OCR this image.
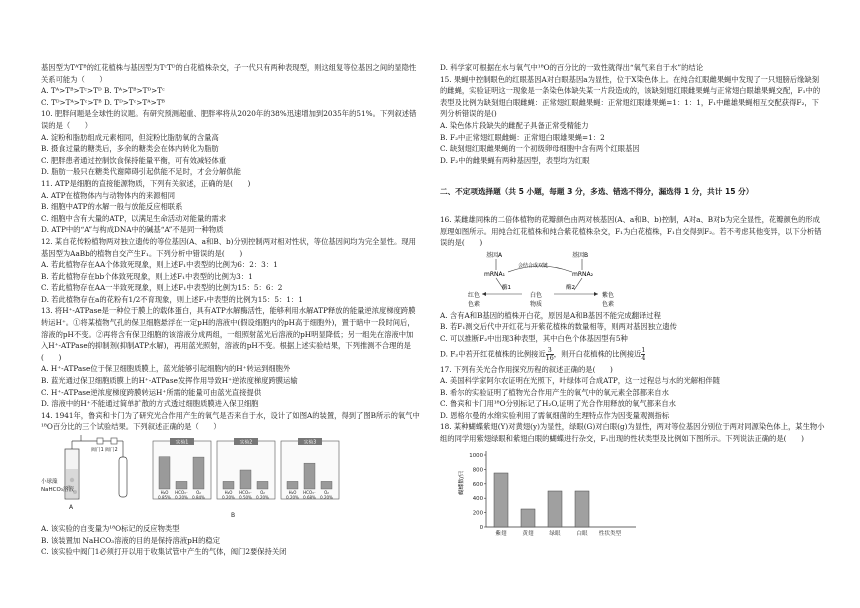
基因型为TᴬTᴮ的红花植株与基因型为TᶜTᴰ的白花植株杂交，子一代只有两种表现型，则这组复等位基因之间的显隐性关系可能为（　　）

A. Tᴬ>Tᴮ>Tᶜ>Tᴰ B. Tᴬ>Tᴮ>Tᴰ>Tᶜ

C. Tᴰ>Tᴬ>Tᶜ>Tᴮ D. Tᴰ>Tᶜ>Tᴬ>Tᴮ

10. 肥胖问题是全球性的议题。有研究预测超重、肥胖率将从2020年的38%迅速增加到2035年的51%。下列叙述错误的是（　　）

A. 淀粉和脂肪组成元素相同，但淀粉比脂肪氧的含量高

B. 摄食过量的糖类后，多余的糖类会在体内转化为脂肪

C. 肥胖患者通过控制饮食保持能量平衡，可有效减轻体重

D. 脂肪一般只在糖类代谢障碍引起供能不足时，才会分解供能

11. ATP是细胞的直接能源物质，下列有关叙述，正确的是(　　)

A. ATP在植物体内与动物体内的来源相同

B. 细胞中ATP的水解一般与放能反应相联系

C. 细胞中含有大量的ATP，以满足生命活动对能量的需求

D. ATP中的“A”与构成DNA中的碱基“A”不是同一种物质

12. 某自花传粉植物两对独立遗传的等位基因(A、a和B、b)分别控制两对相对性状，等位基因间均为完全显性。现用基因型为AaBb的植物自交产生F₁。下列分析中错误的是(　　)

A. 若此植物存在AA个体致死现象，则上述F₁中表型的比例为6：2：3：1

B. 若此植物存在bb个体致死现象，则上述F₁中表型的比例为3：1

C. 若此植物存在AA一半致死现象，则上述F₁中表型的比例为15：5：6：2

D. 若此植物存在a的花粉有1/2不育现象，则上述F₁中表型的比例为15：5：1：1

13. 将H⁺-ATPase是一种位于膜上的载体蛋白，具有ATP水解酶活性，能够利用水解ATP释放的能量逆浓度梯度跨膜转运H⁺。①将某植物气孔的保卫细胞悬浮在一定pH的溶液中(假设细胞内的pH高于细胞外)，置于暗中一段时间后，溶液的pH不变。②再将含有保卫细胞的该溶液分成两组，一组照射蓝光后溶液的pH明显降低；另一组先在溶液中加入H⁺-ATPase的抑制剂(抑制ATP水解)，再用蓝光照射，溶液的pH不变。根据上述实验结果，下列推测不合理的是(　　)

A. H⁺-ATPase位于保卫细胞质膜上，蓝光能够引起细胞内的H⁺转运到细胞外

B. 蓝光通过保卫细胞质膜上的H⁺-ATPase发挥作用导致H⁺逆浓度梯度跨膜运输

C. H⁺-ATPase逆浓度梯度跨膜转运H⁺所需的能量可由蓝光直接提供

D. 溶液中的H⁺不能通过简单扩散的方式透过细胞质膜进入保卫细胞

14. 1941年，鲁宾和卡门为了研究光合作用产生的氧气是否来自于水，设计了如图A的装置，得到了图B所示的氧气中¹⁸O百分比的三个试验结果。下列叙述正确的是（　　）

小球藻
NaHCO₃溶液
阀门1 阀门2
A
实验1
H₂O
0.85%
HCO₃⁻
0.20%
O₂
0.84%
实验2
H₂O
0.20%
HCO₃⁻
0.50%
O₂
0.20%
实验3
H₂O
0.20%
HCO₃⁻
0.68%
O₂
0.20%
B

A. 该实验的自变量为¹⁸O标记的反应物类型

B. 该装置加 NaHCO₃溶液的目的是保持溶液pH的稳定

C. 该实验中阀门1必须打开以用于收集试管中产生的气体，阀门2要保持关闭

D. 科学家可根据在水与氧气中¹⁸O的百分比的一致性就得出“氧气来自于水”的结论

15. 果蝇中控制眼色的红眼基因A对白眼基因a为显性，位于X染色体上。在纯合红眼雌果蝇中发现了一只翅膀后缘缺刻的雌蝇，实验证明这一现象是一条染色体缺失某一片段造成的，该缺刻翅红眼雌果蝇与正常翅白眼雄果蝇交配，F₁中的表型及比例为缺刻翅白眼雌蝇：正常翅红眼雌果蝇：正常翅红眼雄果蝇=1：1：1，F₁中雌雄果蝇相互交配获得F₂，下列分析错误的是()

A. 染色体片段缺失的雌配子具备正常受精能力

B. F₂中正常翅红眼雌蝇：正常翅白眼雄果蝇=1：2

C. 缺刻翅红眼雌果蝇的一个初级卵母细胞中含有两个红眼基因

D. F₂中的雌果蝇有两种基因型，表型均为红眼

二、不定项选择题（共 5 小题，每题 3 分，多选、错选不得分，漏选得 1 分，共计 15 分）

16. 某雌雄同株的二倍体植物的花瓣颜色由两对核基因(A、a和B、b)控制，A对a、B对b为完全显性，花瓣颜色的形成原理如图所示。用纯合红花植株和纯合紫花植株杂交，F₁为白花植株，F₁自交得到F₂。若不考虑其他变异，以下分析错误的是(　　)

基因A	基因B
会结合成双链
mRNA₁	mRNA₂
酶1	酶2
红色
色素
白色
物质
紫色
色素

A. 含有A和B基因的植株开白花，原因是A和B基因不能完成翻译过程

B. 若F₁测交后代中开红花与开紫花植株的数量相等，则两对基因独立遗传

C. 可以推断F₂中出现3种表型，其中白色个体基因型有5种

D. F₂中若开红花植株的比例接近 $\frac{3}{16}$ ，则开白花植株的比例接近 $\frac{1}{4}$

17. 下列有关光合作用探究历程的叙述正确的是(　　)

A. 美国科学家阿尔农证明在光照下，叶绿体可合成ATP，这一过程总与水的光解相伴随

B. 希尔的实验证明了植物光合作用产生的氧气中的氧元素全部都来自水

C. 鲁宾和卡门用¹⁸O分别标记了H₂O,证明了光合作用释放的氧气都来自水

D. 恩格尔曼的水绵实验利用了需氧细菌的生理特点作为因变量观测指标

18. 某种蝴蝶紫翅(Y)对黄翅(y)为显性，绿眼(G)对白眼(g)为显性，两对等位基因分别位于两对同源染色体上，某生物小组的同学用紫翅绿眼和紫翅白眼的蝴蝶进行杂交，F₁出现的性状类型及比例如下图所示。下列说法正确的是(　　)

蝴蝶数/只
0
200
400
600
800
1000
紫翅	黄翅	绿眼	白眼 性状类型
